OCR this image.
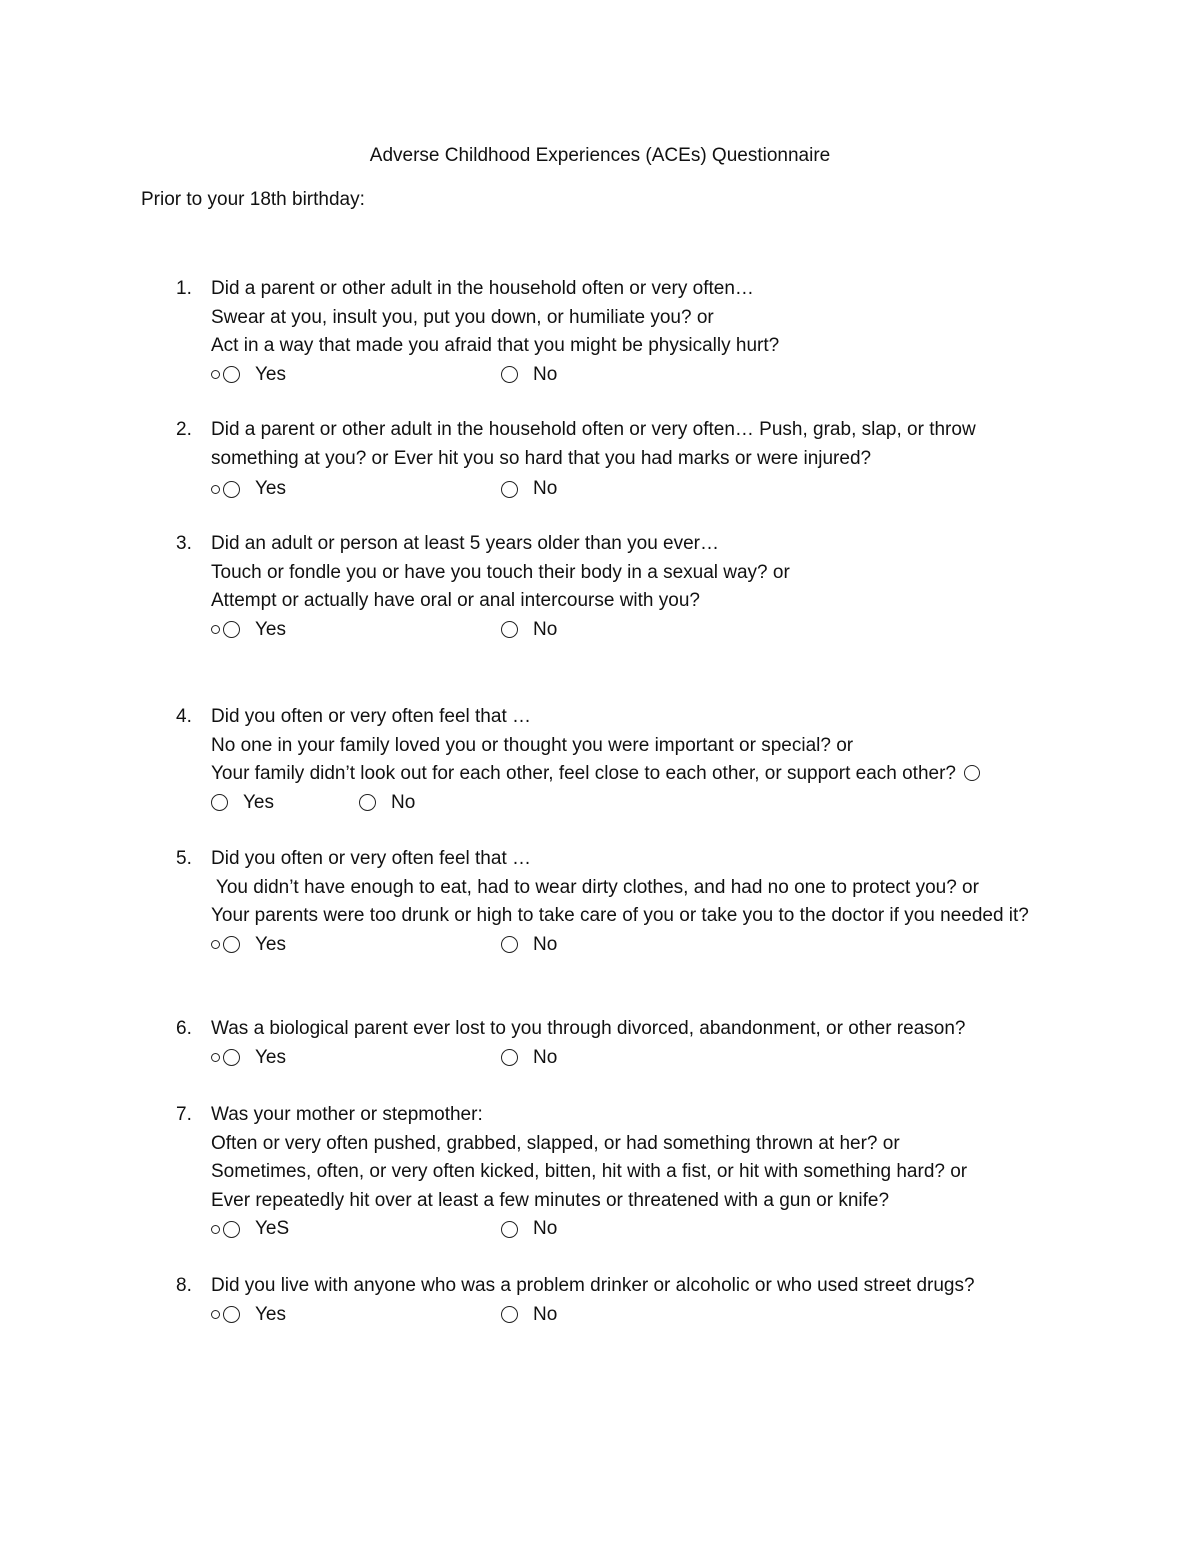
Adverse Childhood Experiences (ACEs) Questionnaire
Prior to your 18th birthday:
1. Did a parent or other adult in the household often or very often…
Swear at you, insult you, put you down, or humiliate you? or
Act in a way that made you afraid that you might be physically hurt?
Yes	No
2. Did a parent or other adult in the household often or very often… Push, grab, slap, or throw
something at you? or Ever hit you so hard that you had marks or were injured?
Yes	No
3. Did an adult or person at least 5 years older than you ever…
Touch or fondle you or have you touch their body in a sexual way? or
Attempt or actually have oral or anal intercourse with you?
Yes	No
4. Did you often or very often feel that …
No one in your family loved you or thought you were important or special? or
Your family didn’t look out for each other, feel close to each other, or support each other?
Yes	No
5. Did you often or very often feel that …
You didn’t have enough to eat, had to wear dirty clothes, and had no one to protect you? or
Your parents were too drunk or high to take care of you or take you to the doctor if you needed it?
Yes	No
6. Was a biological parent ever lost to you through divorced, abandonment, or other reason?
Yes	No
7. Was your mother or stepmother:
Often or very often pushed, grabbed, slapped, or had something thrown at her? or
Sometimes, often, or very often kicked, bitten, hit with a fist, or hit with something hard? or
Ever repeatedly hit over at least a few minutes or threatened with a gun or knife?
YeS	No
8. Did you live with anyone who was a problem drinker or alcoholic or who used street drugs?
Yes	No
